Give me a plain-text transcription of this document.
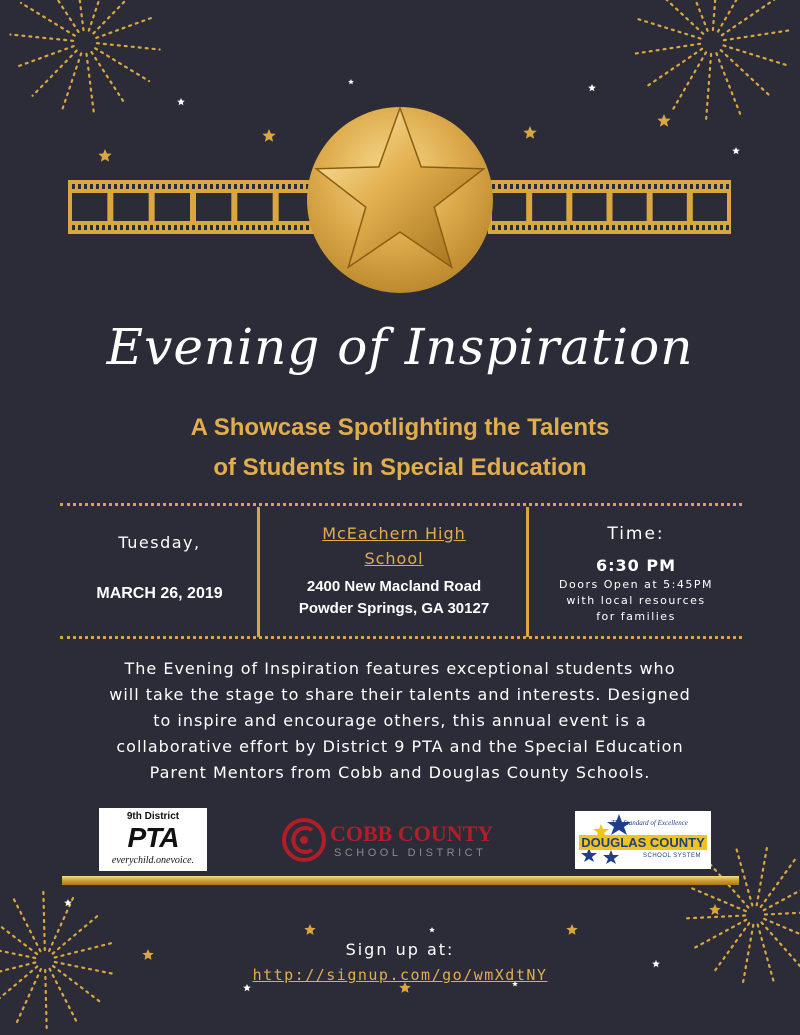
Evening of Inspiration
A Showcase Spotlighting the Talents
of Students in Special Education
Tuesday,
MARCH 26, 2019
McEachern High
School
2400 New Macland Road
Powder Springs, GA 30127
Time:
6:30 PM
Doors Open at 5:45PM
with local resources
for families
The Evening of Inspiration features exceptional students who
will take the stage to share their talents and interests. Designed
to inspire and encourage others, this annual event is a
collaborative effort by District 9 PTA and the Special Education
Parent Mentors from Cobb and Douglas County Schools.
9th District
PTA
everychild.onevoice.
COBB COUNTY
SCHOOL DISTRICT
The Standard of Excellence
DOUGLAS COUNTY
SCHOOL SYSTEM
Sign up at:
http://signup.com/go/wmXdtNY
